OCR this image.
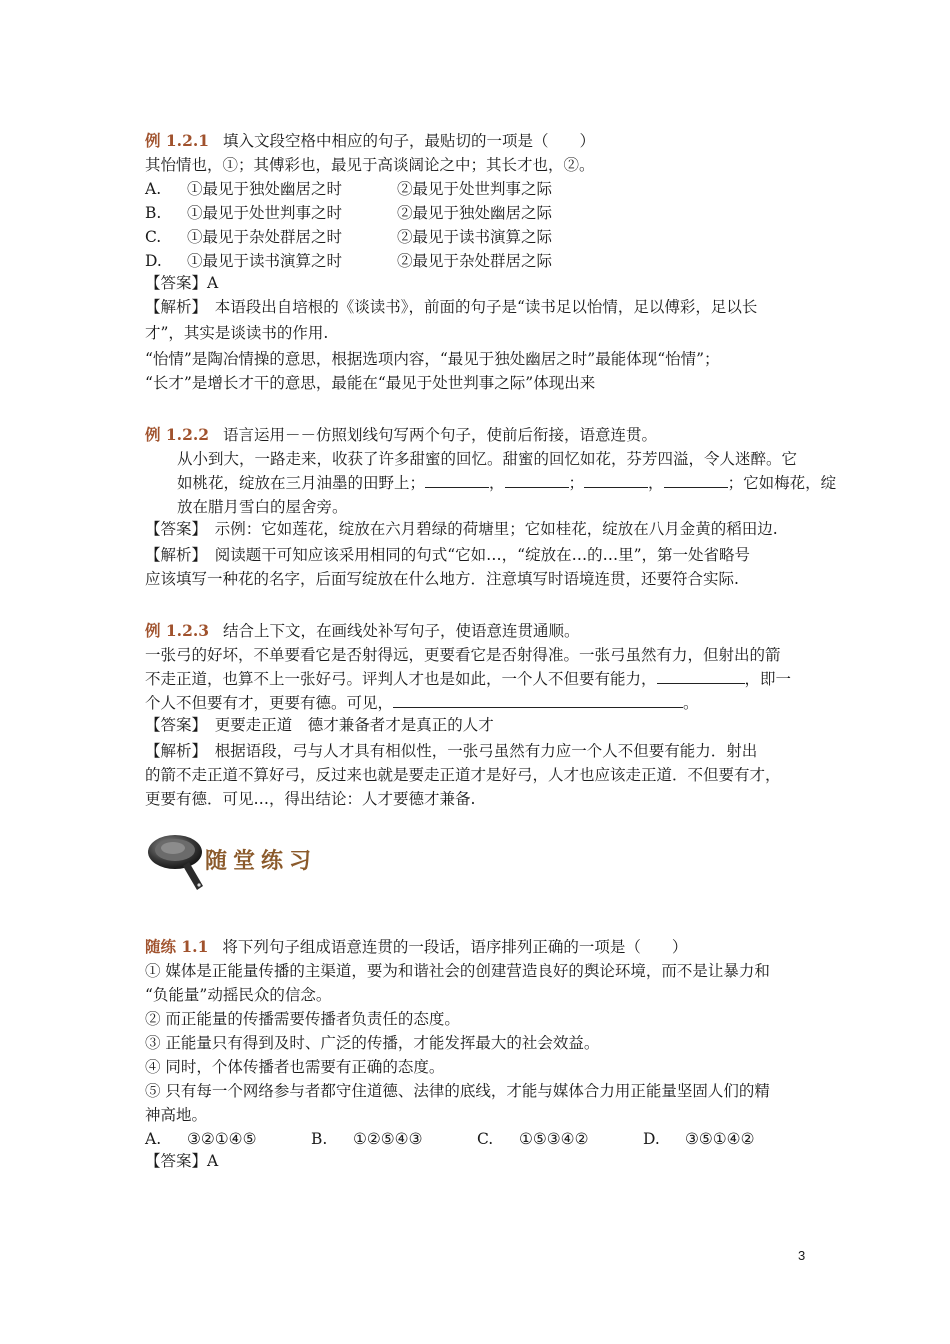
例 1.2.1 填入文段空格中相应的句子，最贴切的一项是（　　）
其怡情也，①；其傅彩也，最见于高谈阔论之中；其长才也，②。
A. ①最见于独处幽居之时	②最见于处世判事之际
B. ①最见于处世判事之时	②最见于独处幽居之际
C. ①最见于杂处群居之时	②最见于读书演算之际
D. ①最见于读书演算之时	②最见于杂处群居之际
【答案】A
【解析】　本语段出自培根的《谈读书》，前面的句子是“读书足以怡情，足以傅彩，足以长
才”，其实是谈读书的作用.
“怡情”是陶冶情操的意思，根据选项内容，“最见于独处幽居之时”最能体现“怡情”；
“长才”是增长才干的意思，最能在“最见于处世判事之际”体现出来
例 1.2.2 语言运用－－仿照划线句写两个句子，使前后衔接，语意连贯。
从小到大，一路走来，收获了许多甜蜜的回忆。甜蜜的回忆如花，芬芳四溢，令人迷醉。它
如桃花，绽放在三月油墨的田野上；	，	；	，	；它如梅花，绽
放在腊月雪白的屋舍旁。
【答案】　示例：它如莲花，绽放在六月碧绿的荷塘里；它如桂花，绽放在八月金黄的稻田边.
【解析】　阅读题干可知应该采用相同的句式“它如…，“绽放在…的…里”，第一处省略号
应该填写一种花的名字，后面写绽放在什么地方．注意填写时语境连贯，还要符合实际.
例 1.2.3 结合上下文，在画线处补写句子，使语意连贯通顺。
一张弓的好坏，不单要看它是否射得远，更要看它是否射得准。一张弓虽然有力，但射出的箭
不走正道，也算不上一张好弓。评判人才也是如此，一个人不但要有能力，	，即一
个人不但要有才，更要有德。可见，	。
【答案】　更要走正道　德才兼备者才是真正的人才
【解析】　根据语段，弓与人才具有相似性，一张弓虽然有力应一个人不但要有能力．射出
的箭不走正道不算好弓，反过来也就是要走正道才是好弓，人才也应该走正道．不但要有才，
更要有德．可见…，得出结论：人才要德才兼备.
随堂练习
随练 1.1 将下列句子组成语意连贯的一段话，语序排列正确的一项是（　　）
① 媒体是正能量传播的主渠道，要为和谐社会的创建营造良好的舆论环境，而不是让暴力和
“负能量”动摇民众的信念。
② 而正能量的传播需要传播者负责任的态度。
③ 正能量只有得到及时、广泛的传播，才能发挥最大的社会效益。
④ 同时，个体传播者也需要有正确的态度。
⑤ 只有每一个网络参与者都守住道德、法律的底线，才能与媒体合力用正能量坚固人们的精
神高地。
A. ③②①④⑤	B. ①②⑤④③	C. ①⑤③④②	D. ③⑤①④②
【答案】A
3
